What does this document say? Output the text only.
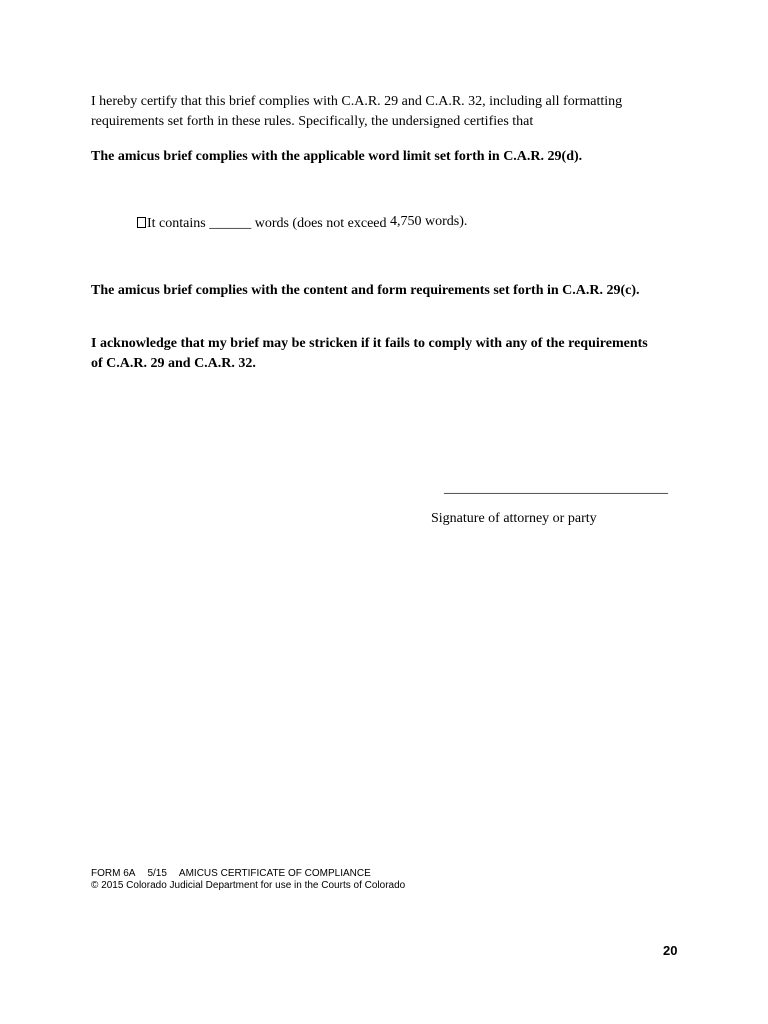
I hereby certify that this brief complies with C.A.R. 29 and C.A.R. 32, including all formatting requirements set forth in these rules. Specifically, the undersigned certifies that
The amicus brief complies with the applicable word limit set forth in C.A.R. 29(d).
It contains ______ words (does not exceed 4,750 words).
The amicus brief complies with the content and form requirements set forth in C.A.R. 29(c).
I acknowledge that my brief may be stricken if it fails to comply with any of the requirements of C.A.R. 29 and C.A.R. 32.
________________________________
Signature of attorney or party
FORM 6A 5/15 AMICUS CERTIFICATE OF COMPLIANCE
© 2015 Colorado Judicial Department for use in the Courts of Colorado
20
